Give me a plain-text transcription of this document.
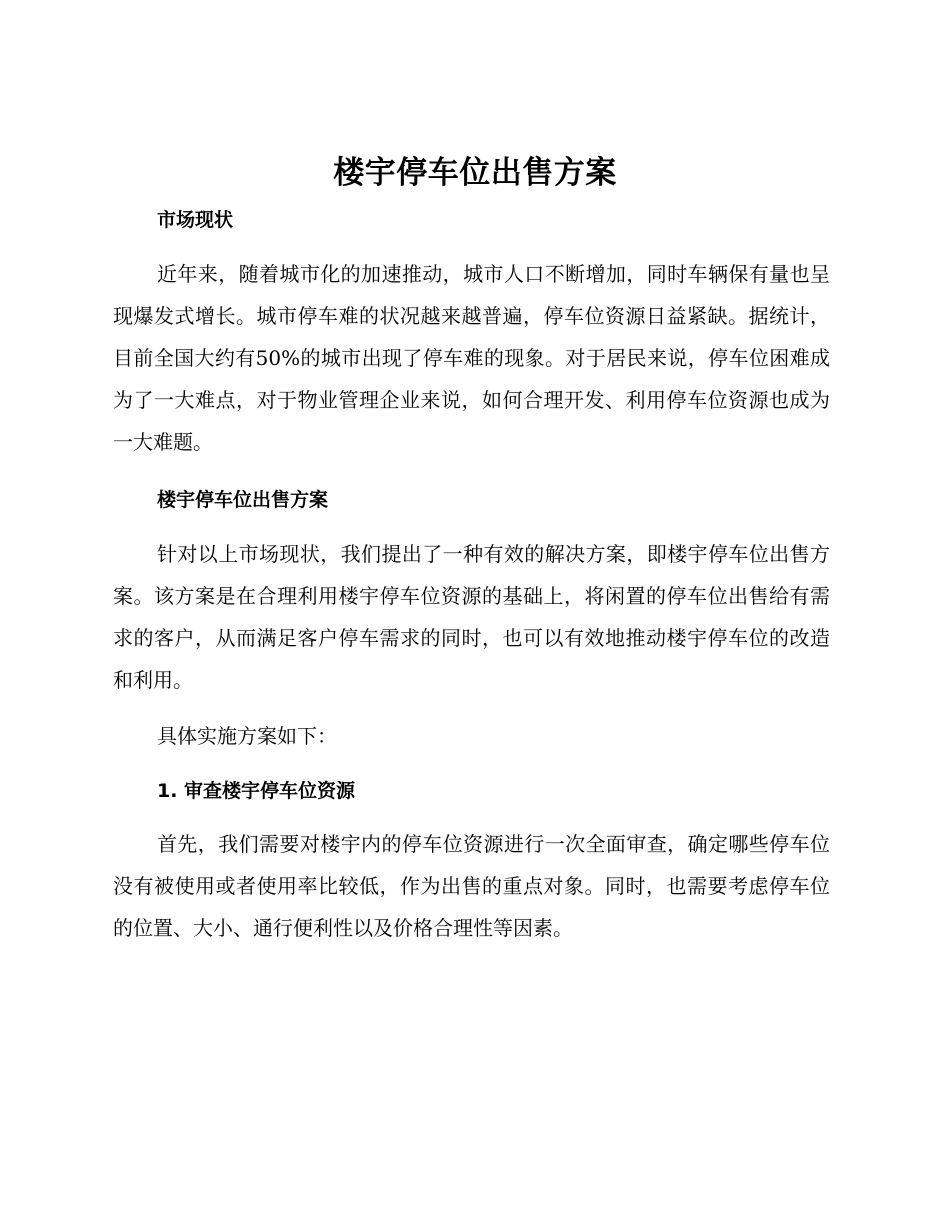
楼宇停车位出售方案
市场现状

近年来，随着城市化的加速推动，城市人口不断增加，同时车辆保有量也呈现爆发式增长。城市停车难的状况越来越普遍，停车位资源日益紧缺。据统计，目前全国大约有50%的城市出现了停车难的现象。对于居民来说，停车位困难成为了一大难点，对于物业管理企业来说，如何合理开发、利用停车位资源也成为一大难题。

楼宇停车位出售方案

针对以上市场现状，我们提出了一种有效的解决方案，即楼宇停车位出售方案。该方案是在合理利用楼宇停车位资源的基础上，将闲置的停车位出售给有需求的客户，从而满足客户停车需求的同时，也可以有效地推动楼宇停车位的改造和利用。

具体实施方案如下：

1. 审查楼宇停车位资源

首先，我们需要对楼宇内的停车位资源进行一次全面审查，确定哪些停车位没有被使用或者使用率比较低，作为出售的重点对象。同时，也需要考虑停车位的位置、大小、通行便利性以及价格合理性等因素。
